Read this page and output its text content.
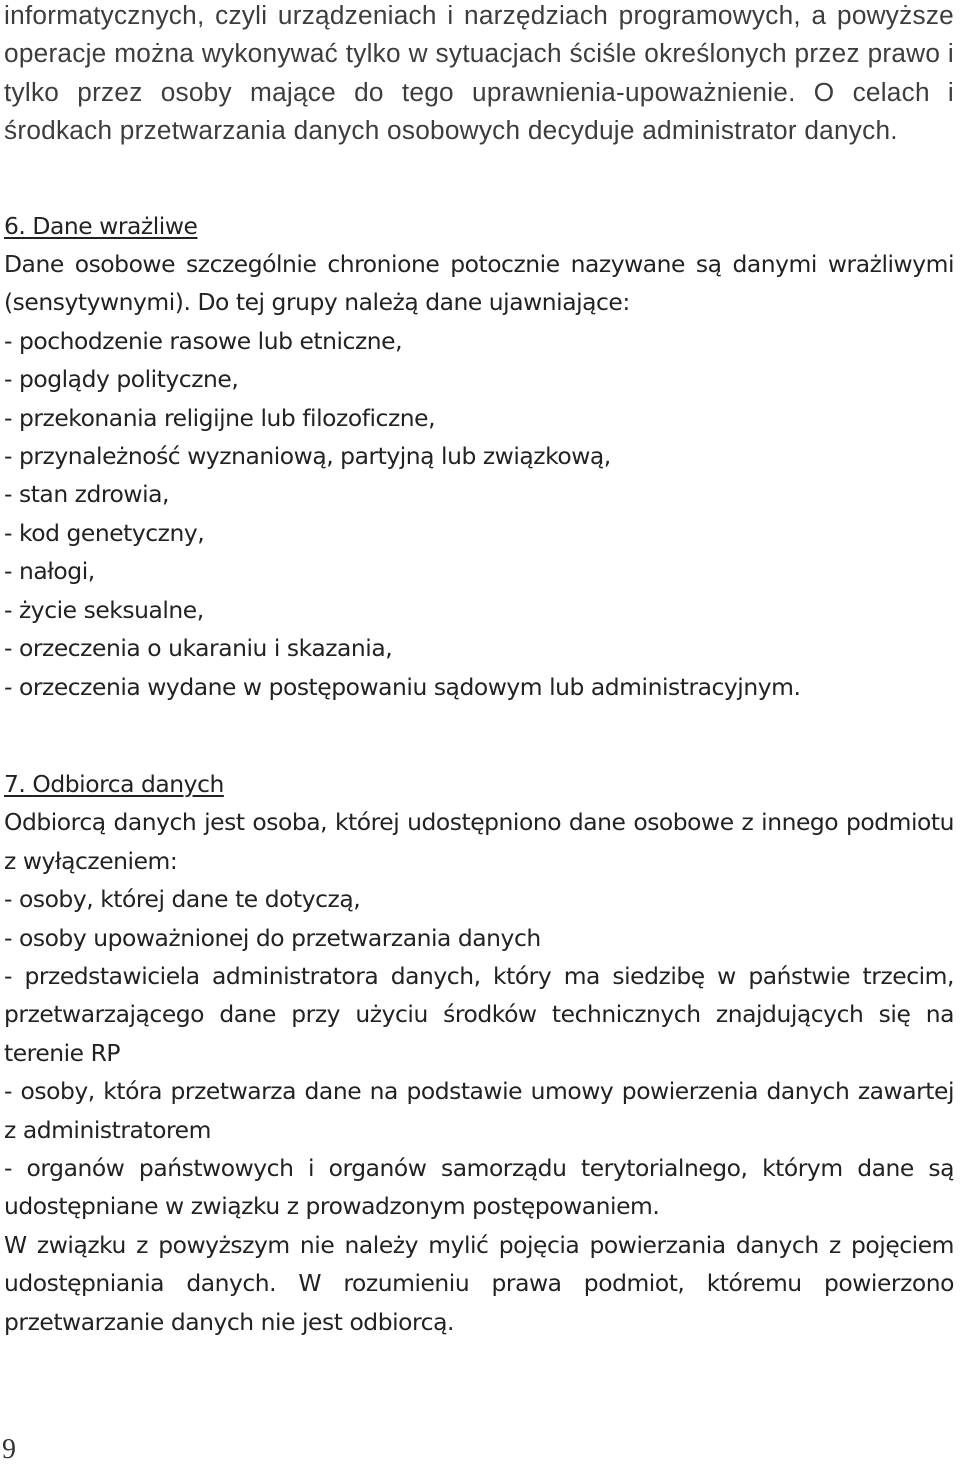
informatycznych, czyli urządzeniach i narzędziach programowych, a powyższe operacje można wykonywać tylko w sytuacjach ściśle określonych przez prawo i tylko przez osoby mające do tego uprawnienia-upoważnienie. O celach i środkach przetwarzania danych osobowych decyduje administrator danych.

6. Dane wrażliwe

Dane osobowe szczególnie chronione potocznie nazywane są danymi wrażliwymi (sensytywnymi). Do tej grupy należą dane ujawniające:

- pochodzenie rasowe lub etniczne,
- poglądy polityczne,
- przekonania religijne lub filozoficzne,
- przynależność wyznaniową, partyjną lub związkową,
- stan zdrowia,
- kod genetyczny,
- nałogi,
- życie seksualne,
- orzeczenia o ukaraniu i skazania,
- orzeczenia wydane w postępowaniu sądowym lub administracyjnym.
7. Odbiorca danych

Odbiorcą danych jest osoba, której udostępniono dane osobowe z innego podmiotu z wyłączeniem:

- osoby, której dane te dotyczą,
- osoby upoważnionej do przetwarzania danych
- przedstawiciela administratora danych, który ma siedzibę w państwie trzecim, przetwarzającego dane przy użyciu środków technicznych znajdujących się na terenie RP
- osoby, która przetwarza dane na podstawie umowy powierzenia danych zawartej z administratorem
- organów państwowych i organów samorządu terytorialnego, którym dane są udostępniane w związku z prowadzonym postępowaniem.

W związku z powyższym nie należy mylić pojęcia powierzania danych z pojęciem udostępniania danych. W rozumieniu prawa podmiot, któremu powierzono przetwarzanie danych nie jest odbiorcą.

9
